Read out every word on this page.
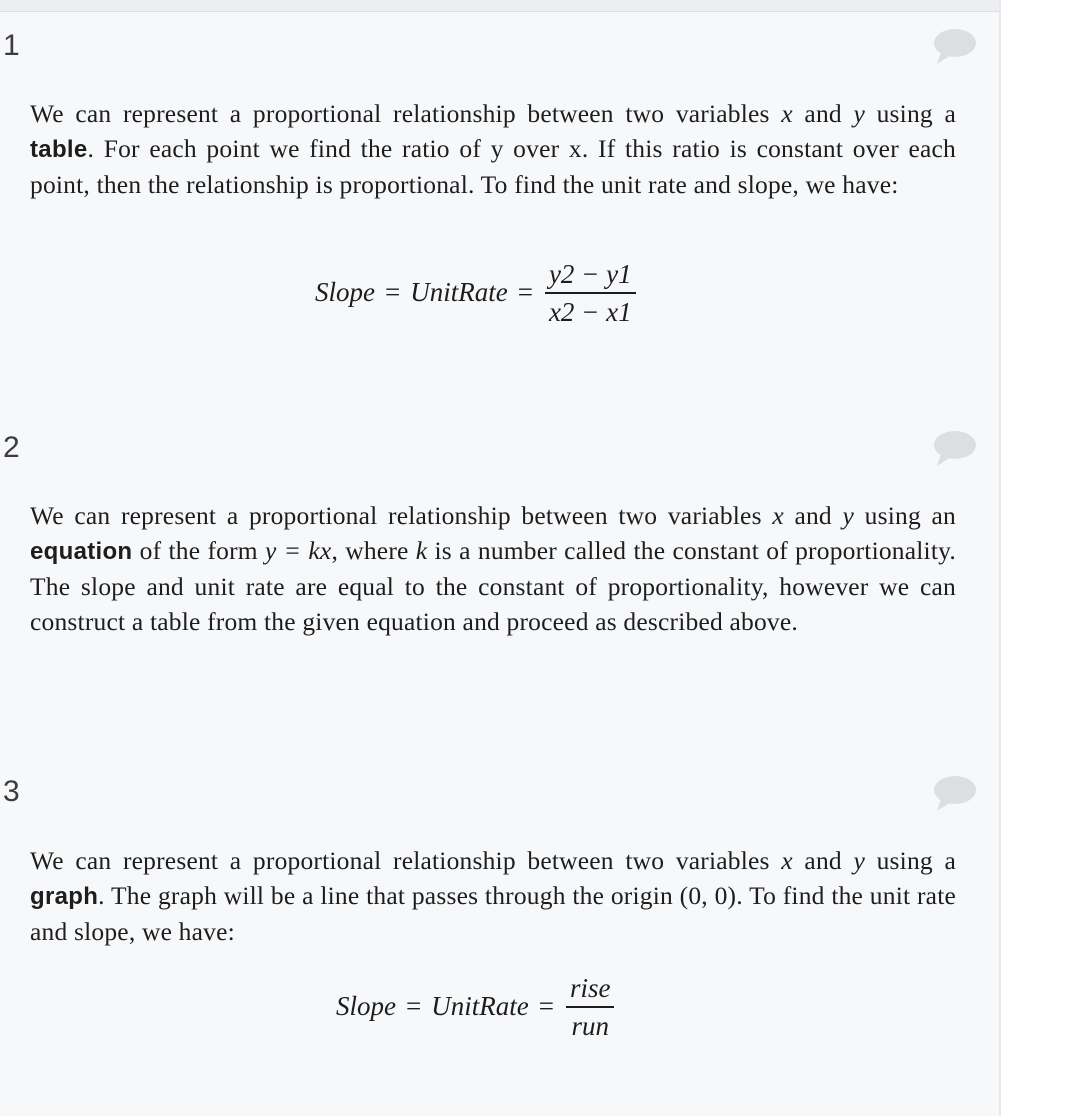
1

We can represent a proportional relationship between two variables x and y using a table. For each point we find the ratio of y over x. If this ratio is constant over each point, then the relationship is proportional. To find the unit rate and slope, we have:

Slope = UnitRate = $\frac{y2 - y1}{x2 - x1}$
2

We can represent a proportional relationship between two variables x and y using an equation of the form y = kx, where k is a number called the constant of proportionality. The slope and unit rate are equal to the constant of proportionality, however we can construct a table from the given equation and proceed as described above.

3

We can represent a proportional relationship between two variables x and y using a graph. The graph will be a line that passes through the origin (0, 0). To find the unit rate and slope, we have:

Slope = UnitRate = $\frac{\text{rise}}{\text{run}}$
